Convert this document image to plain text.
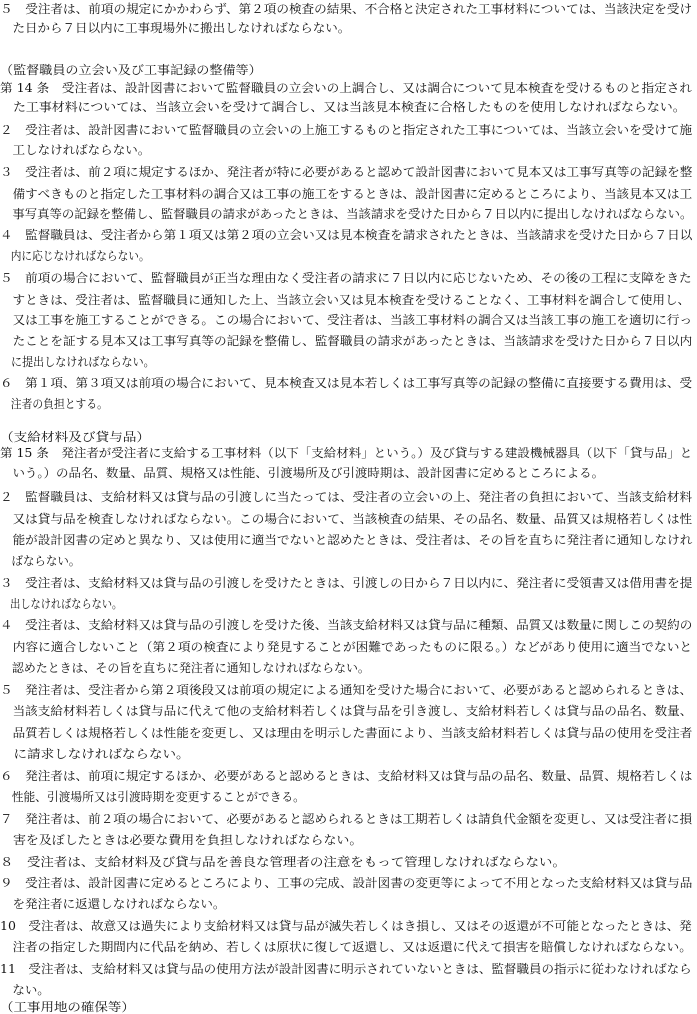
５　受注者は、前項の規定にかかわらず、第２項の検査の結果、不合格と決定された工事材料については、当該決定を受け
　た日から７日以内に工事現場外に搬出しなければならない。
（監督職員の立会い及び工事記録の整備等）
第 14 条　受注者は、設計図書において監督職員の立会いの上調合し、又は調合について見本検査を受けるものと指定され
　た工事材料については、当該立会いを受けて調合し、又は当該見本検査に合格したものを使用しなければならない。
２　受注者は、設計図書において監督職員の立会いの上施工するものと指定された工事については、当該立会いを受けて施
　工しなければならない。
３　受注者は、前２項に規定するほか、発注者が特に必要があると認めて設計図書において見本又は工事写真等の記録を整
　備すべきものと指定した工事材料の調合又は工事の施工をするときは、設計図書に定めるところにより、当該見本又は工
　事写真等の記録を整備し、監督職員の請求があったときは、当該請求を受けた日から７日以内に提出しなければならない。
４　監督職員は、受注者から第１項又は第２項の立会い又は見本検査を請求されたときは、当該請求を受けた日から７日以
　内に応じなければならない。
５　前項の場合において、監督職員が正当な理由なく受注者の請求に７日以内に応じないため、その後の工程に支障をきた
　すときは、受注者は、監督職員に通知した上、当該立会い又は見本検査を受けることなく、工事材料を調合して使用し、
　又は工事を施工することができる。この場合において、受注者は、当該工事材料の調合又は当該工事の施工を適切に行っ
　たことを証する見本又は工事写真等の記録を整備し、監督職員の請求があったときは、当該請求を受けた日から７日以内
　に提出しなければならない。
６　第１項、第３項又は前項の場合において、見本検査又は見本若しくは工事写真等の記録の整備に直接要する費用は、受
　注者の負担とする。
（支給材料及び貸与品）
第 15 条　発注者が受注者に支給する工事材料（以下「支給材料」という。）及び貸与する建設機械器具（以下「貸与品」と
　いう。）の品名、数量、品質、規格又は性能、引渡場所及び引渡時期は、設計図書に定めるところによる。
２　監督職員は、支給材料又は貸与品の引渡しに当たっては、受注者の立会いの上、発注者の負担において、当該支給材料
　又は貸与品を検査しなければならない。この場合において、当該検査の結果、その品名、数量、品質又は規格若しくは性
　能が設計図書の定めと異なり、又は使用に適当でないと認めたときは、受注者は、その旨を直ちに発注者に通知しなけれ
　ばならない。
３　受注者は、支給材料又は貸与品の引渡しを受けたときは、引渡しの日から７日以内に、発注者に受領書又は借用書を提
　出しなければならない。
４　受注者は、支給材料又は貸与品の引渡しを受けた後、当該支給材料又は貸与品に種類、品質又は数量に関しこの契約の
　内容に適合しないこと（第２項の検査により発見することが困難であったものに限る。）などがあり使用に適当でないと
　認めたときは、その旨を直ちに発注者に通知しなければならない。
５　発注者は、受注者から第２項後段又は前項の規定による通知を受けた場合において、必要があると認められるときは、
　当該支給材料若しくは貸与品に代えて他の支給材料若しくは貸与品を引き渡し、支給材料若しくは貸与品の品名、数量、
　品質若しくは規格若しくは性能を変更し、又は理由を明示した書面により、当該支給材料若しくは貸与品の使用を受注者
　に請求しなければならない。
６　発注者は、前項に規定するほか、必要があると認めるときは、支給材料又は貸与品の品名、数量、品質、規格若しくは
　性能、引渡場所又は引渡時期を変更することができる。
７　発注者は、前２項の場合において、必要があると認められるときは工期若しくは請負代金額を変更し、又は受注者に損
　害を及ぼしたときは必要な費用を負担しなければならない。
８　受注者は、支給材料及び貸与品を善良な管理者の注意をもって管理しなければならない。
９　受注者は、設計図書に定めるところにより、工事の完成、設計図書の変更等によって不用となった支給材料又は貸与品
　を発注者に返還しなければならない。
10　受注者は、故意又は過失により支給材料又は貸与品が滅失若しくはき損し、又はその返還が不可能となったときは、発
　注者の指定した期間内に代品を納め、若しくは原状に復して返還し、又は返還に代えて損害を賠償しなければならない。
11　受注者は、支給材料又は貸与品の使用方法が設計図書に明示されていないときは、監督職員の指示に従わなければなら
　ない。
（工事用地の確保等）
